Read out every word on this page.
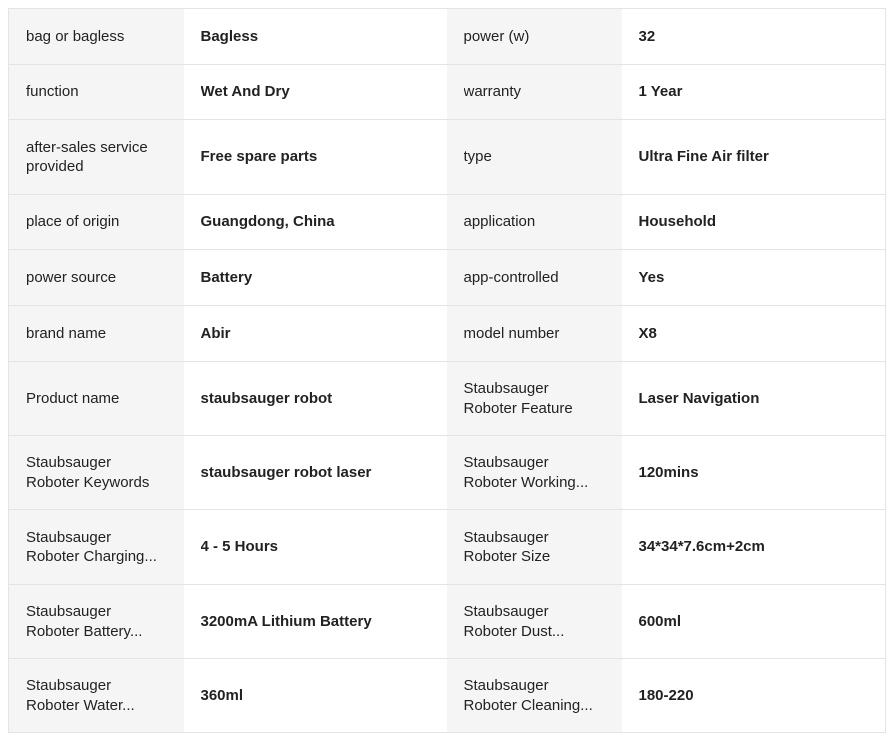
bag or bagless	Bagless	power (w)	32

function	Wet And Dry	warranty	1 Year

after-sales service provided	Free spare parts	type	Ultra Fine Air filter

place of origin	Guangdong, China	application	Household

power source	Battery	app-controlled	Yes

brand name	Abir	model number	X8

Product name	staubsauger robot	Staubsauger Roboter Feature	Laser Navigation

Staubsauger Roboter Keywords	staubsauger robot laser	Staubsauger Roboter Working...	120mins

Staubsauger Roboter Charging...	4 - 5 Hours	Staubsauger Roboter Size	34*34*7.6cm+2cm

Staubsauger Roboter Battery...	3200mA Lithium Battery	Staubsauger Roboter Dust...	600ml

Staubsauger Roboter Water...	360ml	Staubsauger Roboter Cleaning...	180-220
